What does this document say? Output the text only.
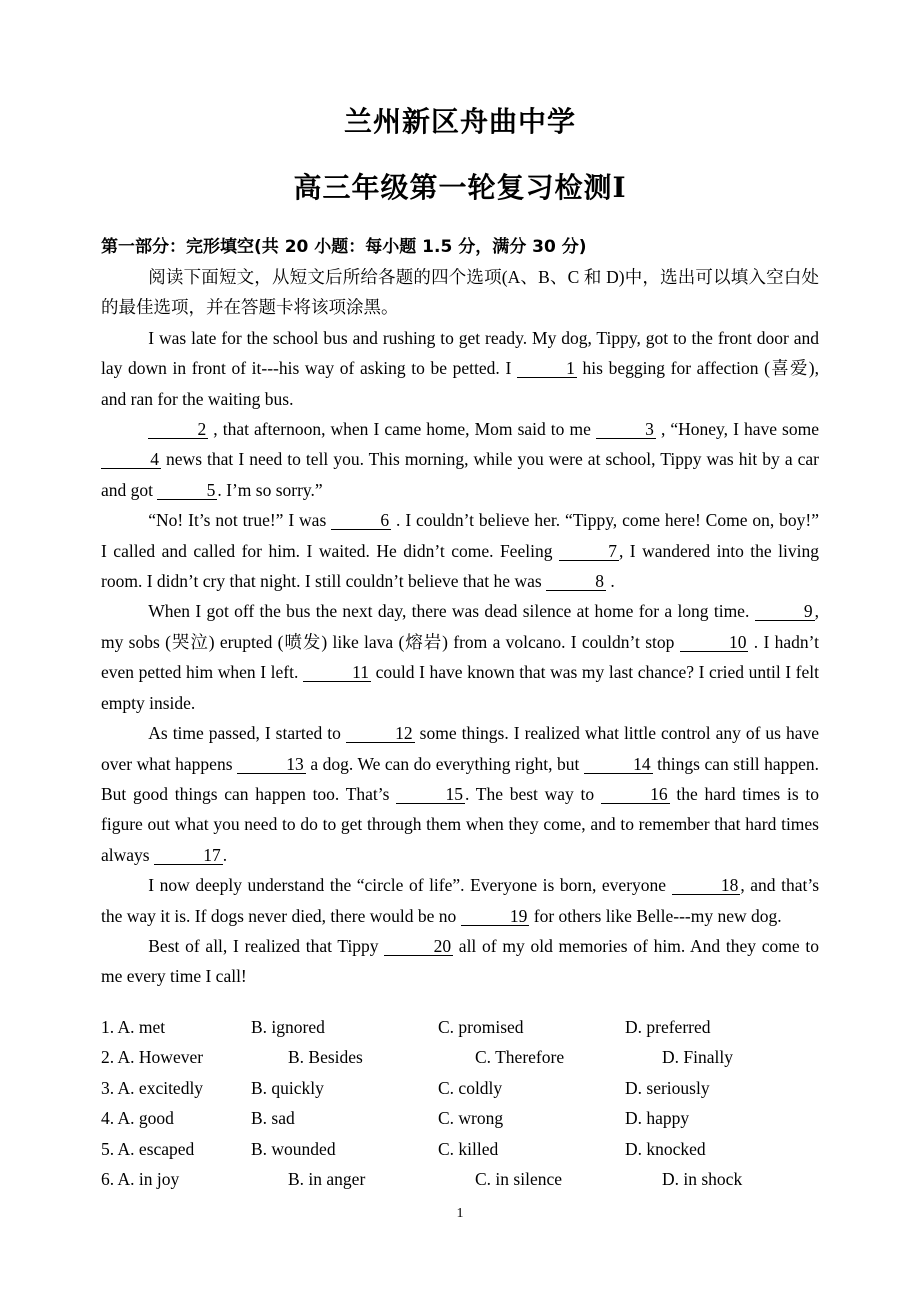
兰州新区舟曲中学
高三年级第一轮复习检测Ⅰ
第一部分：完形填空(共 20 小题：每小题 1.5 分，满分 30 分)

阅读下面短文，从短文后所给各题的四个选项(A、B、C 和 D)中，选出可以填入空白处的最佳选项，并在答题卡将该项涂黑。

I was late for the school bus and rushing to get ready. My dog, Tippy, got to the front door and lay down in front of it---his way of asking to be petted. I	1 his begging for affection (喜爱), and ran for the waiting bus.

2 , that afternoon, when I came home, Mom said to me	3 , “Honey, I have some 4 news that I need to tell you. This morning, while you were at school, Tippy was hit by a car and got	5 . I’m so sorry.”

“No! It’s not true!” I was	6 . I couldn’t believe her. “Tippy, come here! Come on, boy!” I called and called for him. I waited. He didn’t come. Feeling	7 , I wandered into the living room. I didn’t cry that night. I still couldn’t believe that he was	8 .

When I got off the bus the next day, there was dead silence at home for a long time.	9 , my sobs (哭泣) erupted (喷发) like lava (熔岩) from a volcano. I couldn’t stop	10 . I hadn’t even petted him when I left.	11 could I have known that was my last chance? I cried until I felt empty inside.

As time passed, I started to	12 some things. I realized what little control any of us have over what happens	13 a dog. We can do everything right, but	14 things can still happen. But good things can happen too. That’s	15 . The best way to	16 the hard times is to figure out what you need to do to get through them when they come, and to remember that hard times always	17 .

I now deeply understand the “circle of life”. Everyone is born, everyone	18 , and that’s the way it is. If dogs never died, there would be no	19 for others like Belle---my new dog.

Best of all, I realized that Tippy	20 all of my old memories of him. And they come to me every time I call!

1. A. met	B. ignored	C. promised	D. preferred
2. A. However	B. Besides	C. Therefore	D. Finally
3. A. excitedly	B. quickly	C. coldly	D. seriously
4. A. good	B. sad	C. wrong	D. happy
5. A. escaped	B. wounded	C. killed	D. knocked
6. A. in joy	B. in anger	C. in silence	D. in shock
1
